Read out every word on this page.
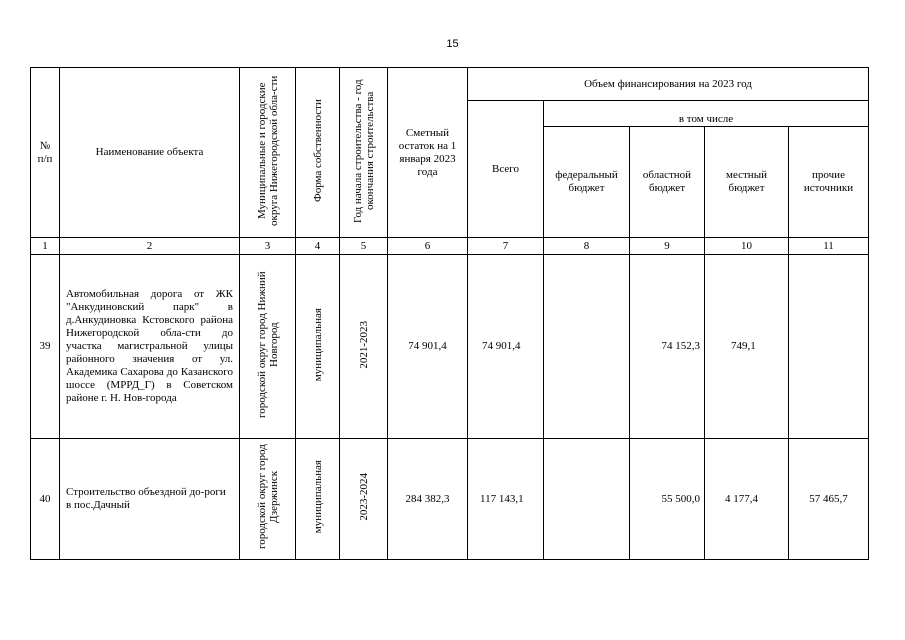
15
№
п/п	Наименование объекта	Муниципальные и городские округа Нижегородской обла-сти	Форма собственности	Год начала строительства - год окончания строительства	Сметный остаток на 1 января 2023 года	Объем финансирования на 2023 год				
						Всего	в том числе			
							федеральный бюджет	областной бюджет	местный бюджет	прочие источники
1	2	3	4	5	6	7	8	9	10	11
39	Автомобильная дорога от ЖК "Анкудиновский парк" в д.Анкудиновка Кстовского района Нижегородской обла-сти до участка магистральной улицы районного значения от ул. Академика Сахарова до Казанского шоссе (МРРД_Г) в Советском районе г. Н. Нов-города	городской округ город Нижний Новгород	муниципальная	2021-2023	74 901,4	74 901,4		74 152,3	749,1	
40	Строительство объездной до-роги в пос.Дачный	городской округ город Дзержинск	муниципальная	2023-2024	284 382,3	117 143,1		55 500,0	4 177,4	57 465,7
